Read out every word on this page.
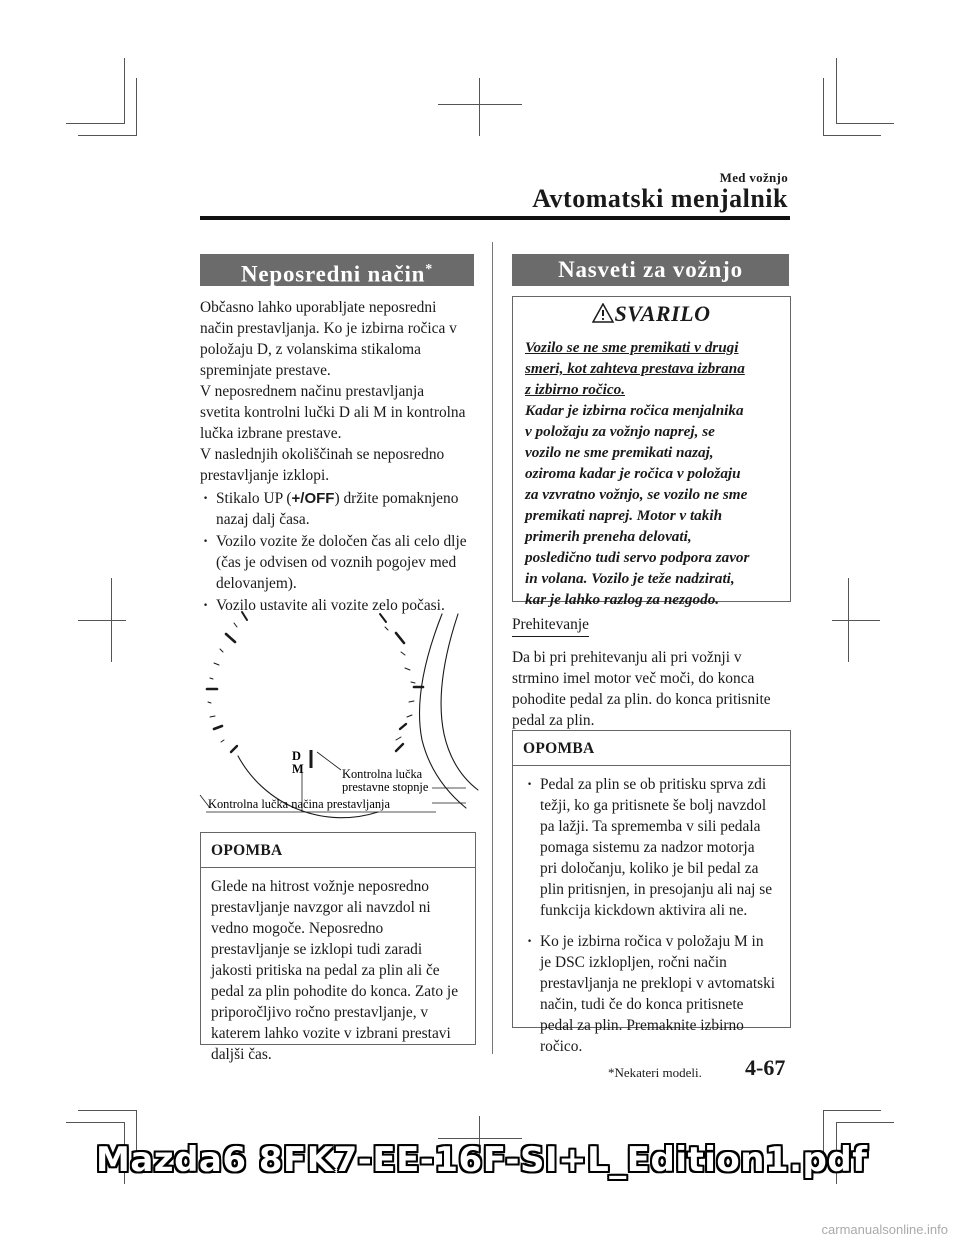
Med vožnjo
Avtomatski menjalnik
Neposredni način*
Občasno lahko uporabljate neposredni
način prestavljanja. Ko je izbirna ročica v
položaju D, z volanskima stikaloma
spreminjate prestave.
V neposrednem načinu prestavljanja
svetita kontrolni lučki D ali M in kontrolna
lučka izbrane prestave.
V naslednjih okoliščinah se neposredno
prestavljanje izklopi.
· Stikalo UP (+/OFF) držite pomaknjeno
nazaj dalj časa.
· Vozilo vozite že določen čas ali celo dlje
(čas je odvisen od voznih pogojev med
delovanjem).
· Vozilo ustavite ali vozite zelo počasi.
D
M	Kontrolna lučka
prestavne stopnje
Kontrolna lučka načina prestavljanja
OPOMBA
Glede na hitrost vožnje neposredno
prestavljanje navzgor ali navzdol ni
vedno mogoče. Neposredno
prestavljanje se izklopi tudi zaradi
jakosti pritiska na pedal za plin ali če
pedal za plin pohodite do konca. Zato je
priporočljivo ročno prestavljanje, v
katerem lahko vozite v izbrani prestavi
daljši čas.
Nasveti za vožnjo
SVARILO
Vozilo se ne sme premikati v drugi
smeri, kot zahteva prestava izbrana
z izbirno ročico.
Kadar je izbirna ročica menjalnika
v položaju za vožnjo naprej, se
vozilo ne sme premikati nazaj,
oziroma kadar je ročica v položaju
za vzvratno vožnjo, se vozilo ne sme
premikati naprej. Motor v takih
primerih preneha delovati,
posledično tudi servo podpora zavor
in volana. Vozilo je teže nadzirati,
kar je lahko razlog za nezgodo.
Prehitevanje
Da bi pri prehitevanju ali pri vožnji v
strmino imel motor več moči, do konca
pohodite pedal za plin. do konca pritisnite
pedal za plin.
OPOMBA
· Pedal za plin se ob pritisku sprva zdi
težji, ko ga pritisnete še bolj navzdol
pa lažji. Ta sprememba v sili pedala
pomaga sistemu za nadzor motorja
pri določanju, koliko je bil pedal za
plin pritisnjen, in presojanju ali naj se
funkcija kickdown aktivira ali ne.
· Ko je izbirna ročica v položaju M in
je DSC izklopljen, ročni način
prestavljanja ne preklopi v avtomatski
način, tudi če do konca pritisnete
pedal za plin. Premaknite izbirno
ročico.
*Nekateri modeli. 4-67
Mazda6 8FK7-EE-16F-SI+L_Edition1.pdf
carmanualsonline.info
